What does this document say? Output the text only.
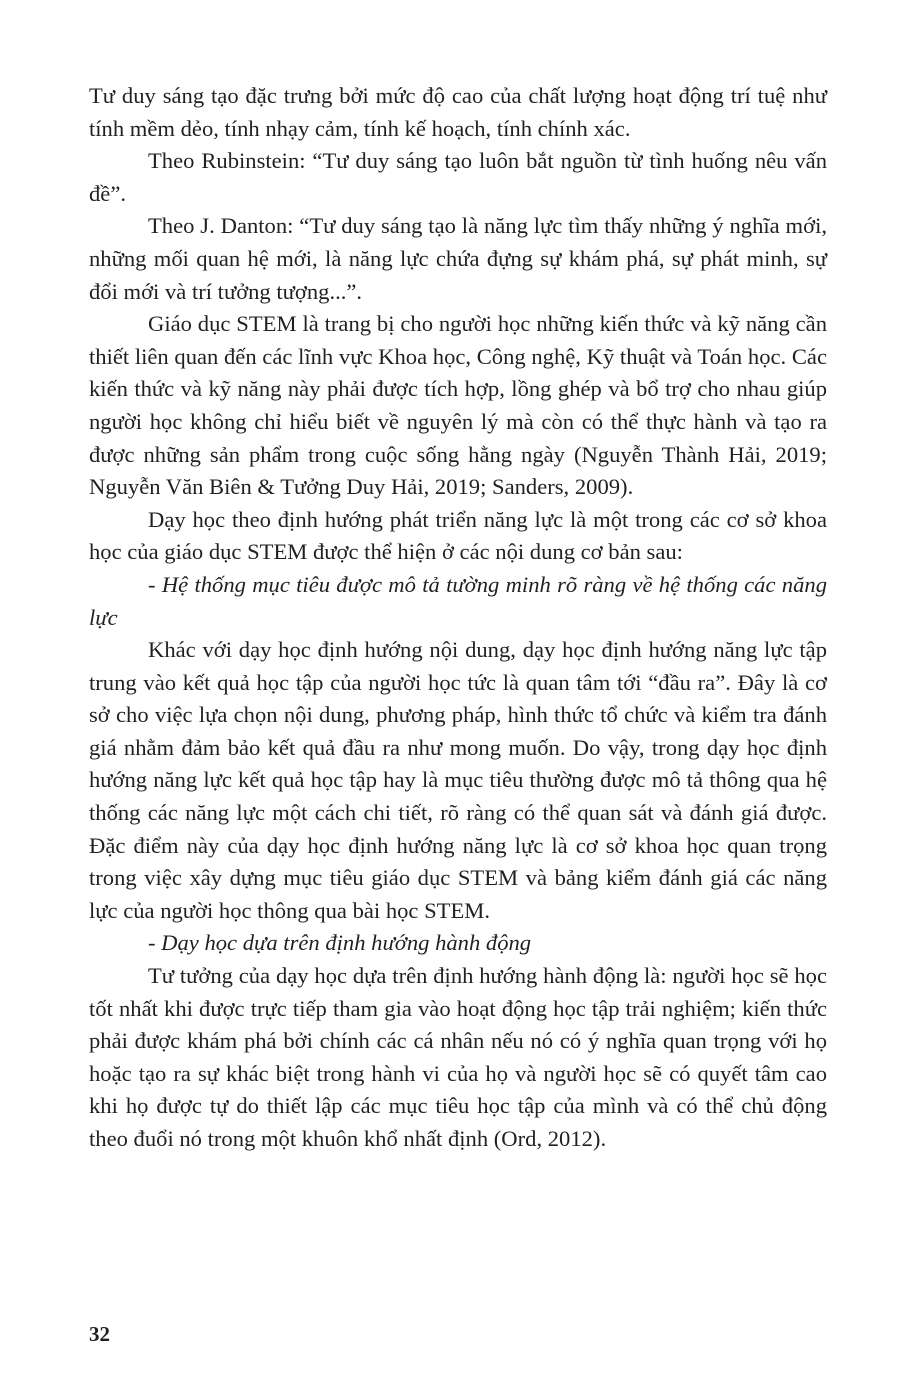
Tư duy sáng tạo đặc trưng bởi mức độ cao của chất lượng hoạt động trí tuệ như tính mềm dẻo, tính nhạy cảm, tính kế hoạch, tính chính xác.

Theo Rubinstein: “Tư duy sáng tạo luôn bắt nguồn từ tình huống nêu vấn đề”.

Theo J. Danton: “Tư duy sáng tạo là năng lực tìm thấy những ý nghĩa mới, những mối quan hệ mới, là năng lực chứa đựng sự khám phá, sự phát minh, sự đổi mới và trí tưởng tượng...”.

Giáo dục STEM là trang bị cho người học những kiến thức và kỹ năng cần thiết liên quan đến các lĩnh vực Khoa học, Công nghệ, Kỹ thuật và Toán học. Các kiến thức và kỹ năng này phải được tích hợp, lồng ghép và bổ trợ cho nhau giúp người học không chỉ hiểu biết về nguyên lý mà còn có thể thực hành và tạo ra được những sản phẩm trong cuộc sống hằng ngày (Nguyễn Thành Hải, 2019; Nguyễn Văn Biên & Tưởng Duy Hải, 2019; Sanders, 2009).

Dạy học theo định hướng phát triển năng lực là một trong các cơ sở khoa học của giáo dục STEM được thể hiện ở các nội dung cơ bản sau:

- Hệ thống mục tiêu được mô tả tường minh rõ ràng về hệ thống các năng lực

Khác với dạy học định hướng nội dung, dạy học định hướng năng lực tập trung vào kết quả học tập của người học tức là quan tâm tới “đầu ra”. Đây là cơ sở cho việc lựa chọn nội dung, phương pháp, hình thức tổ chức và kiểm tra đánh giá nhằm đảm bảo kết quả đầu ra như mong muốn. Do vậy, trong dạy học định hướng năng lực kết quả học tập hay là mục tiêu thường được mô tả thông qua hệ thống các năng lực một cách chi tiết, rõ ràng có thể quan sát và đánh giá được. Đặc điểm này của dạy học định hướng năng lực là cơ sở khoa học quan trọng trong việc xây dựng mục tiêu giáo dục STEM và bảng kiểm đánh giá các năng lực của người học thông qua bài học STEM.

- Dạy học dựa trên định hướng hành động

Tư tưởng của dạy học dựa trên định hướng hành động là: người học sẽ học tốt nhất khi được trực tiếp tham gia vào hoạt động học tập trải nghiệm; kiến thức phải được khám phá bởi chính các cá nhân nếu nó có ý nghĩa quan trọng với họ hoặc tạo ra sự khác biệt trong hành vi của họ và người học sẽ có quyết tâm cao khi họ được tự do thiết lập các mục tiêu học tập của mình và có thể chủ động theo đuổi nó trong một khuôn khổ nhất định (Ord, 2012).

32
